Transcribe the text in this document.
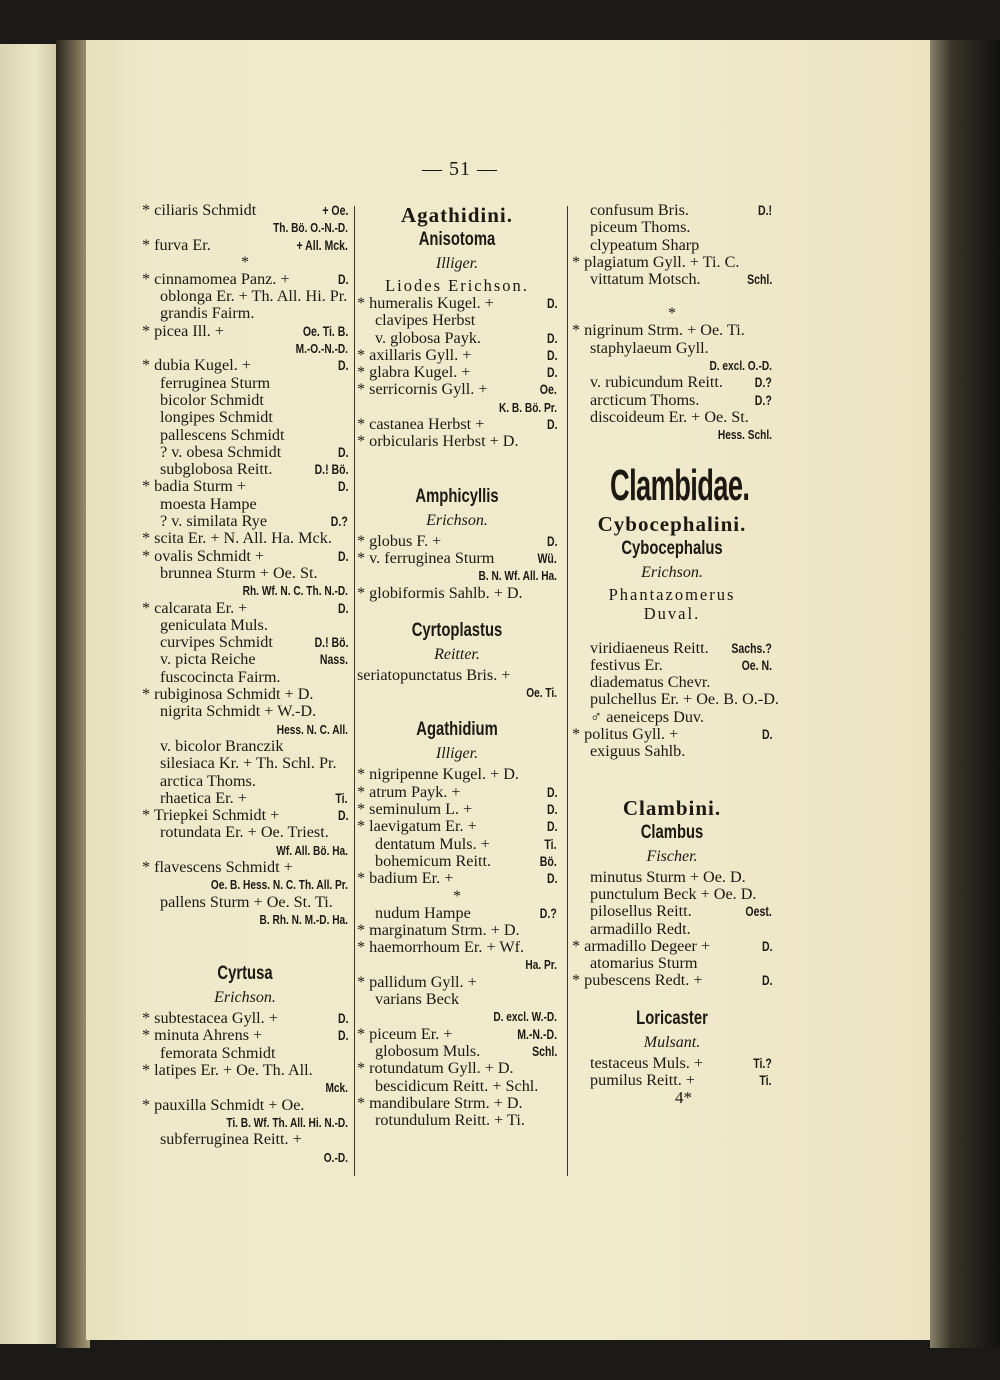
— 51 —
* ciliaris Schmidt	+ Oe.
Th. Bö. O.-N.-D.
* furva Er.	+ All. Mck.
*
* cinnamomea Panz. +	D.
oblonga Er. + Th. All. Hi. Pr.
grandis Fairm.
* picea Ill. +	Oe. Ti. B.
M.-O.-N.-D.
* dubia Kugel. +	D.
ferruginea Sturm
bicolor Schmidt
longipes Schmidt
pallescens Schmidt
? v. obesa Schmidt	D.
subglobosa Reitt.	D.! Bö.
* badia Sturm +	D.
moesta Hampe
? v. similata Rye	D.?
* scita Er. + N. All. Ha. Mck.
* ovalis Schmidt +	D.
brunnea Sturm + Oe. St.
Rh. Wf. N. C. Th. N.-D.
* calcarata Er. +	D.
geniculata Muls.
curvipes Schmidt	D.! Bö.
v. picta Reiche	Nass.
fuscocincta Fairm.
* rubiginosa Schmidt + D.
nigrita Schmidt + W.-D.
Hess. N. C. All.
v. bicolor Branczik
silesiaca Kr. + Th. Schl. Pr.
arctica Thoms.
rhaetica Er. +	Ti.
* Triepkei Schmidt +	D.
rotundata Er. + Oe. Triest.
Wf. All. Bö. Ha.
* flavescens Schmidt +
Oe. B. Hess. N. C. Th. All. Pr.
pallens Sturm + Oe. St. Ti.
B. Rh. N. M.-D. Ha.
Cyrtusa
Erichson.
* subtestacea Gyll. +	D.
* minuta Ahrens +	D.
femorata Schmidt
* latipes Er. + Oe. Th. All.
Mck.
* pauxilla Schmidt + Oe.
Ti. B. Wf. Th. All. Hi. N.-D.
subferruginea Reitt. +
O.-D.
Agathidini.
Anisotoma
Illiger.
Liodes Erichson.
* humeralis Kugel. +	D.
clavipes Herbst
v. globosa Payk.	D.
* axillaris Gyll. +	D.
* glabra Kugel. +	D.
* serricornis Gyll. +	Oe.
K. B. Bö. Pr.
* castanea Herbst +	D.
* orbicularis Herbst + D.
Amphicyllis
Erichson.
* globus F. +	D.
* v. ferruginea Sturm	Wü.
B. N. Wf. All. Ha.
* globiformis Sahlb. + D.
Cyrtoplastus
Reitter.
seriatopunctatus Bris. +
Oe. Ti.
Agathidium
Illiger.
* nigripenne Kugel. + D.
* atrum Payk. +	D.
* seminulum L. +	D.
* laevigatum Er. +	D.
dentatum Muls. +	Ti.
bohemicum Reitt.	Bö.
* badium Er. +	D.
*
nudum Hampe	D.?
* marginatum Strm. + D.
* haemorrhoum Er. + Wf.
Ha. Pr.
* pallidum Gyll. +
varians Beck
D. excl. W.-D.
* piceum Er. +	M.-N.-D.
globosum Muls.	Schl.
* rotundatum Gyll. + D.
bescidicum Reitt. + Schl.
* mandibulare Strm. + D.
rotundulum Reitt. + Ti.
confusum Bris.	D.!
piceum Thoms.
clypeatum Sharp
* plagiatum Gyll. + Ti. C.
vittatum Motsch.	Schl.
*
* nigrinum Strm. + Oe. Ti.
staphylaeum Gyll.
D. excl. O.-D.
v. rubicundum Reitt. D.?
arcticum Thoms.	D.?
discoideum Er. + Oe. St.
Hess. Schl.
Clambidae.
Cybocephalini.
Cybocephalus
Erichson.
Phantazomerus
Duval.
viridiaeneus Reitt. Sachs.?
festivus Er.	Oe. N.
diadematus Chevr.
pulchellus Er. + Oe. B. O.-D.
♂ aeneiceps Duv.
* politus Gyll. +	D.
exiguus Sahlb.
Clambini.
Clambus
Fischer.
minutus Sturm + Oe. D.
punctulum Beck + Oe. D.
pilosellus Reitt.	Oest.
armadillo Redt.
* armadillo Degeer +	D.
atomarius Sturm
* pubescens Redt. +	D.
Loricaster
Mulsant.
testaceus Muls. +	Ti.?
pumilus Reitt. +	Ti.
4*
